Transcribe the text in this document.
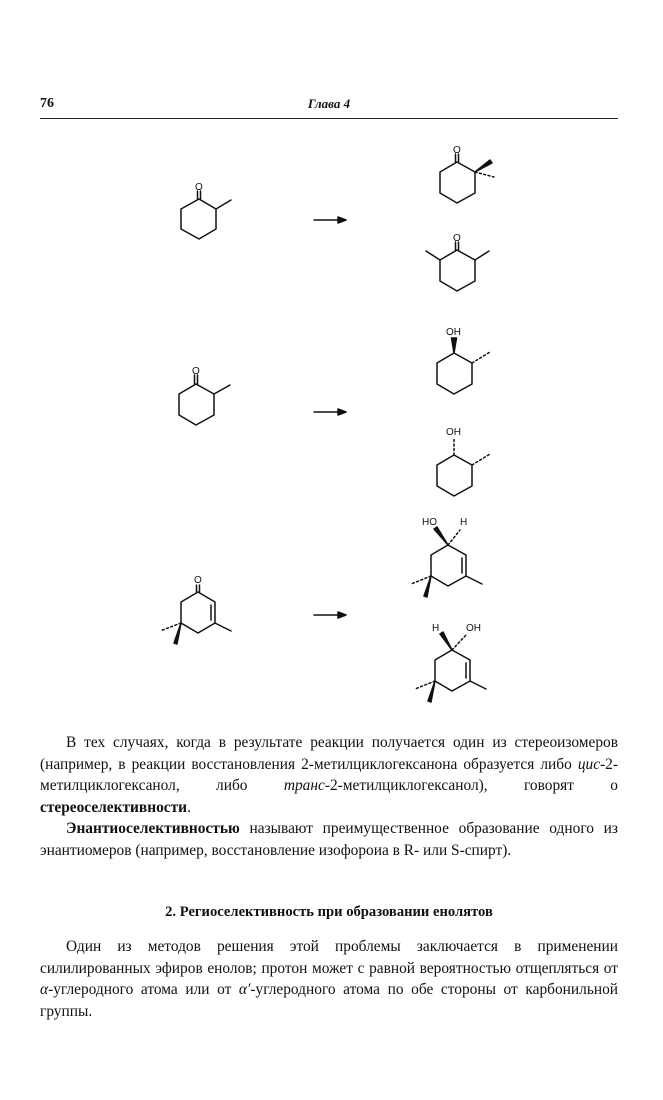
76	Глава 4
O
O
O
O
OH
OH
O
HO H
H	OH

В тех случаях, когда в результате реакции получается один из стереоизомеров (например, в реакции восстановления 2-метилциклогексанона образуется либо цис-2-метилциклогексанол, либо транс-2-метилциклогексанол), говорят о стереоселективности.

Энантиоселективностью называют преимущественное образование одного из энантиомеров (например, восстановление изофороиа в R- или S-спирт).

2. Региоселективность при образовании енолятов

Один из методов решения этой проблемы заключается в применении силилированных эфиров енолов; протон может с равной вероятностью отщепляться от α-углеродного атома или от α′-углеродного атома по обе стороны от карбонильной группы.
